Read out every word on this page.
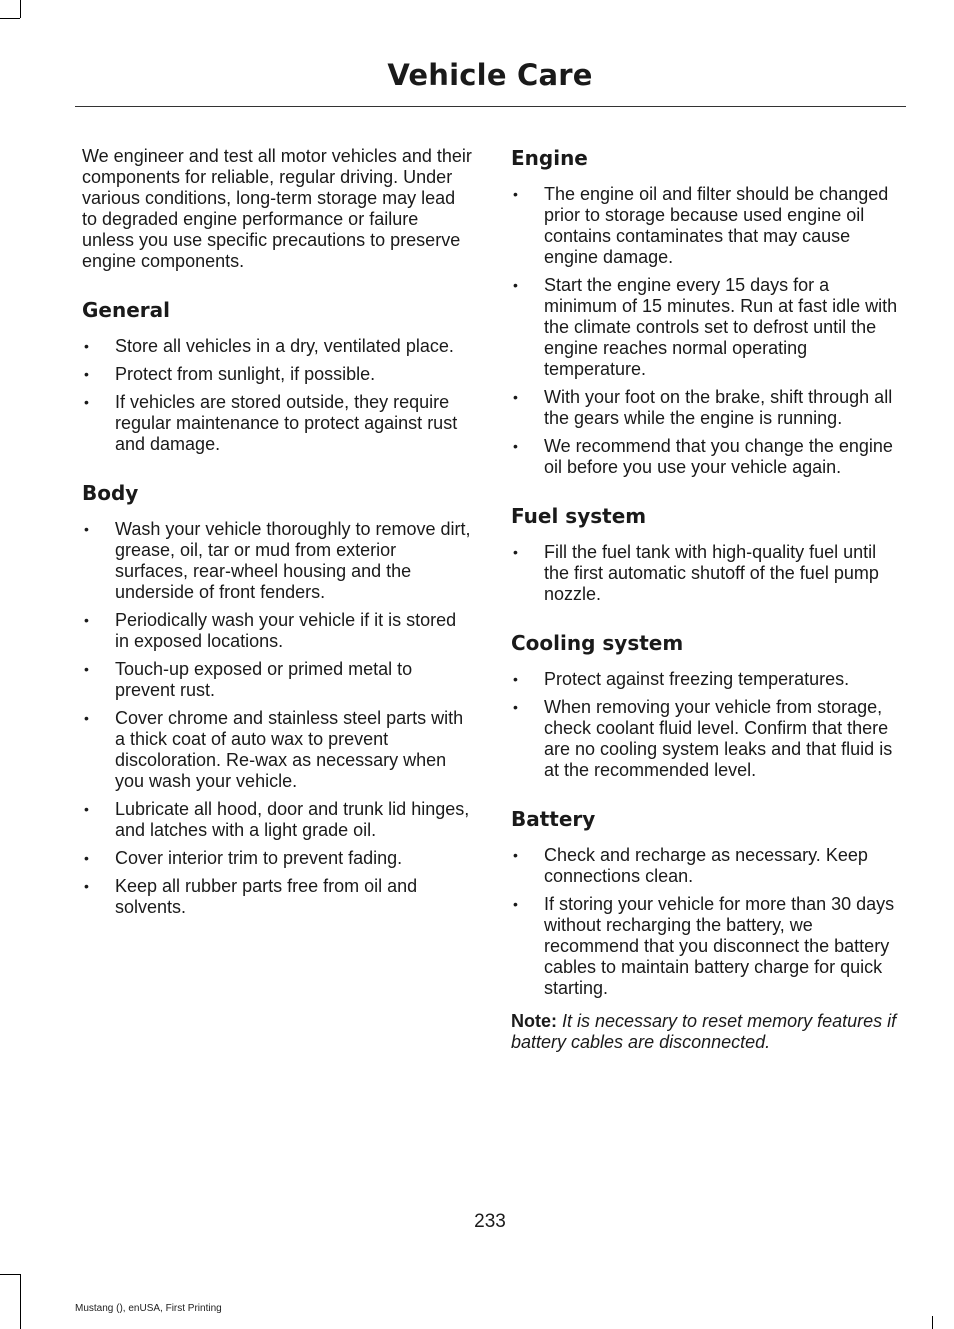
Vehicle Care

We engineer and test all motor vehicles and their components for reliable, regular driving. Under various conditions, long-term storage may lead to degraded engine performance or failure unless you use specific precautions to preserve engine components.

General
• Store all vehicles in a dry, ventilated place.
• Protect from sunlight, if possible.
• If vehicles are stored outside, they require regular maintenance to protect against rust and damage.
Body
• Wash your vehicle thoroughly to remove dirt, grease, oil, tar or mud from exterior surfaces, rear-wheel housing and the underside of front fenders.
• Periodically wash your vehicle if it is stored in exposed locations.
• Touch-up exposed or primed metal to prevent rust.
• Cover chrome and stainless steel parts with a thick coat of auto wax to prevent discoloration. Re-wax as necessary when you wash your vehicle.
• Lubricate all hood, door and trunk lid hinges, and latches with a light grade oil.
• Cover interior trim to prevent fading.
• Keep all rubber parts free from oil and solvents.
Engine
• The engine oil and filter should be changed prior to storage because used engine oil contains contaminates that may cause engine damage.
• Start the engine every 15 days for a minimum of 15 minutes. Run at fast idle with the climate controls set to defrost until the engine reaches normal operating temperature.
• With your foot on the brake, shift through all the gears while the engine is running.
• We recommend that you change the engine oil before you use your vehicle again.
Fuel system
• Fill the fuel tank with high-quality fuel until the first automatic shutoff of the fuel pump nozzle.
Cooling system
• Protect against freezing temperatures.
• When removing your vehicle from storage, check coolant fluid level. Confirm that there are no cooling system leaks and that fluid is at the recommended level.
Battery
• Check and recharge as necessary. Keep connections clean.
• If storing your vehicle for more than 30 days without recharging the battery, we recommend that you disconnect the battery cables to maintain battery charge for quick starting.

Note: It is necessary to reset memory features if battery cables are disconnected.

233
Mustang (), enUSA, First Printing
